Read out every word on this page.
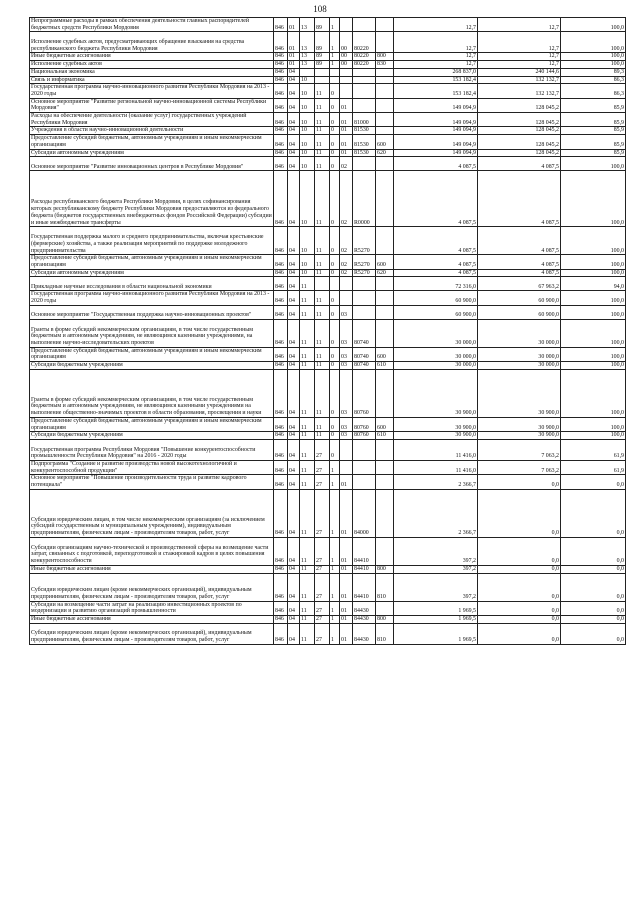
108
Непрограммные расходы в рамках обеспечения деятельности главных распорядителей бюджетных средств Республики Мордовия	846	01	13	89	1				12,7	12,7	100,0
Исполнение судебных актов, предусматривающих обращение взыскания на средства республиканского бюджета Республики Мордовия	846	01	13	89	1	00	80220		12,7	12,7	100,0
Иные бюджетные ассигнования	846	01	13	89	1	00	80220	800	12,7	12,7	100,0
Исполнение судебных актов	846	01	13	89	1	00	80220	830	12,7	12,7	100,0
Национальная экономика	846	04							268 837,0	240 144,6	89,3
Связь и информатика	846	04	10						153 182,4	132 132,7	86,3
Государственная программа научно-инновационного развития Республики Мордовия на 2013 - 2020 годы	846	04	10	11	0				153 182,4	132 132,7	86,3
Основное мероприятие "Развитие региональной научно-инновационной системы Республики Мордовия"	846	04	10	11	0	01			149 094,9	128 045,2	85,9
Расходы на обеспечение деятельности (оказание услуг) государственных учреждений Республики Мордовия	846	04	10	11	0	01	81000		149 094,9	128 045,2	85,9
Учреждения в области научно-инновационной деятельности	846	04	10	11	0	01	81530		149 094,9	128 045,2	85,9
Предоставление субсидий бюджетным, автономным учреждениям и иным некоммерческим организациям	846	04	10	11	0	01	81530	600	149 094,9	128 045,2	85,9
Субсидии автономным учреждениям	846	04	10	11	0	01	81530	620	149 094,9	128 045,2	85,9
Основное мероприятие "Развитие инновационных центров в Республике Мордовия"	846	04	10	11	0	02			4 087,5	4 087,5	100,0
Расходы республиканского бюджета Республики Мордовия, в целях софинансирования которых республиканскому бюджету Республики Мордовия предоставляются из федерального бюджета (бюджетов государственных внебюджетных фондов Российской Федерации) субсидии и иные межбюджетные трансферты	846	04	10	11	0	02	R0000		4 087,5	4 087,5	100,0
Государственная поддержка малого и среднего предпринимательства, включая крестьянские (фермерские) хозяйства, а также реализация мероприятий по поддержке молодежного предпринимательства	846	04	10	11	0	02	R5270		4 087,5	4 087,5	100,0
Предоставление субсидий бюджетным, автономным учреждениям и иным некоммерческим организациям	846	04	10	11	0	02	R5270	600	4 087,5	4 087,5	100,0
Субсидии автономным учреждениям	846	04	10	11	0	02	R5270	620	4 087,5	4 087,5	100,0
Прикладные научные исследования в области национальной экономики	846	04	11						72 316,0	67 963,2	94,0
Государственная программа научно-инновационного развития Республики Мордовия на 2013 - 2020 годы	846	04	11	11	0				60 900,0	60 900,0	100,0
Основное мероприятие "Государственная поддержка научно-инновационных проектов"	846	04	11	11	0	03			60 900,0	60 900,0	100,0
Гранты в форме субсидий некоммерческим организациям, в том числе государственным бюджетным и автономным учреждениям, не являющимся казенными учреждениями, на выполнение научно-исследовательских проектов	846	04	11	11	0	03	80740		30 000,0	30 000,0	100,0
Предоставление субсидий бюджетным, автономным учреждениям и иным некоммерческим организациям	846	04	11	11	0	03	80740	600	30 000,0	30 000,0	100,0
Субсидии бюджетным учреждениям	846	04	11	11	0	03	80740	610	30 000,0	30 000,0	100,0
Гранты в форме субсидий некоммерческим организациям, в том числе государственным бюджетным и автономным учреждениям, не являющимся казенными учреждениями на выполнение общественно-значимых проектов в области образования, просвещения и науки	846	04	11	11	0	03	80760		30 900,0	30 900,0	100,0
Предоставление субсидий бюджетным, автономным учреждениям и иным некоммерческим организациям	846	04	11	11	0	03	80760	600	30 900,0	30 900,0	100,0
Субсидии бюджетным учреждениям	846	04	11	11	0	03	80760	610	30 900,0	30 900,0	100,0
Государственная программа Республики Мордовия "Повышение конкурентоспособности промышленности Республики Мордовия" на 2016 - 2020 годы	846	04	11	27	0				11 416,0	7 063,2	61,9
Подпрограмма "Создание и развитие производства новой высокотехнологичной и конкурентоспособной продукции"	846	04	11	27	1				11 416,0	7 063,2	61,9
Основное мероприятие "Повышение производительности труда и развитие кадрового потенциала"	846	04	11	27	1	01			2 366,7	0,0	0,0
Субсидии юридическим лицам, в том числе некоммерческим организациям (за исключением субсидий государственным и муниципальным учреждениям), индивидуальным предпринимателям, физическим лицам - производителям товаров, работ, услуг	846	04	11	27	1	01	84000		2 366,7	0,0	0,0
Субсидии организациям научно-технической и производственной сферы на возмещение части затрат, связанных с подготовкой, переподготовкой и стажировкой кадров в целях повышения конкурентоспособности	846	04	11	27	1	01	84410		397,2	0,0	0,0
Иные бюджетные ассигнования	846	04	11	27	1	01	84410	800	397,2	0,0	0,0
Субсидии юридическим лицам (кроме некоммерческих организаций), индивидуальным предпринимателям, физическим лицам - производителям товаров, работ, услуг	846	04	11	27	1	01	84410	810	397,2	0,0	0,0
Субсидии на возмещение части затрат на реализацию инвестиционных проектов по модернизации и развитию организаций промышленности	846	04	11	27	1	01	84430		1 969,5	0,0	0,0
Иные бюджетные ассигнования	846	04	11	27	1	01	84430	800	1 969,5	0,0	0,0
Субсидии юридическим лицам (кроме некоммерческих организаций), индивидуальным предпринимателям, физическим лицам - производителям товаров, работ, услуг	846	04	11	27	1	01	84430	810	1 969,5	0,0	0,0
